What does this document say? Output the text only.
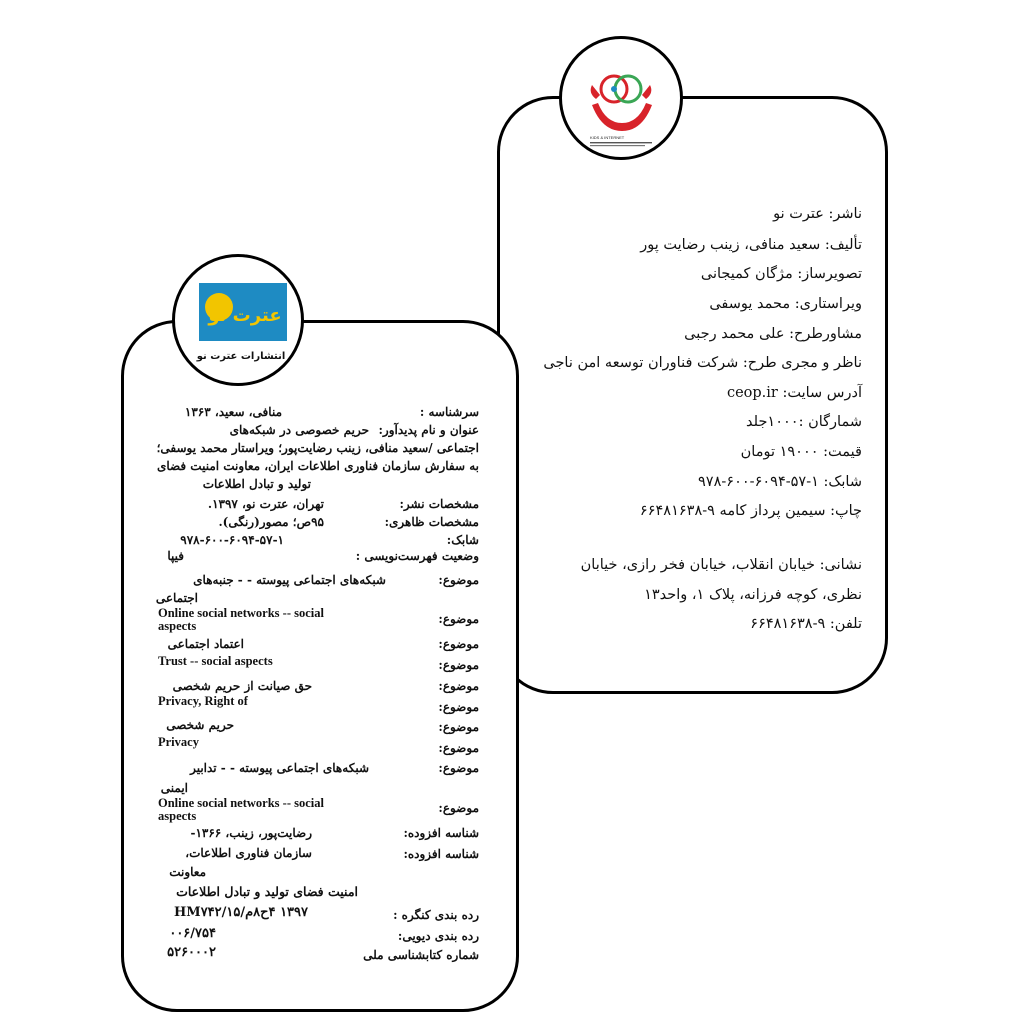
KIDS & INTERNET
ناشر: عترت نو
تألیف: سعید منافی، زینب رضایت پور
تصویرساز: مژگان کمیجانی
ویراستاری: محمد یوسفی
مشاورطرح: علی محمد رجبی
ناظر و مجری طرح: شرکت فناوران توسعه امن ناجی
آدرس سایت: ceop.ir
شمارگان :۱۰۰۰جلد
قیمت: ۱۹۰۰۰ تومان
شابک: ۱-۵۷-۶۰۹۴-۶۰۰-۹۷۸
چاپ: سیمین پرداز کامه ۹-۶۶۴۸۱۶۳۸
نشانی: خیابان انقلاب، خیابان فخر رازی، خیابان
نظری، کوچه فرزانه، پلاک ۱، واحد۱۳
تلفن: ۹-۶۶۴۸۱۶۳۸
عترت نو
انتشارات عترت نو
سرشناسه :
منافی، سعید، ۱۳۶۳
عنوان و نام پدیدآور:
حریم خصوصی در شبکه‌های
اجتماعی /سعید منافی، زینب رضایت‌پور؛ ویراستار محمد یوسفی؛
به سفارش سازمان فناوری اطلاعات ایران، معاونت امنیت فضای
تولید و تبادل اطلاعات
مشخصات نشر:
تهران، عترت نو، ۱۳۹۷.
مشخصات ظاهری:
۹۵ص؛ مصور(رنگی).
شابک:
۹۷۸-۶۰۰-۶۰۹۴-۵۷-۱
وضعیت فهرست‌نویسی :
فیپا
موضوع:
شبکه‌های اجتماعی پیوسته - - جنبه‌های
اجتماعی
موضوع:
Online social networks -- social aspects
موضوع:
اعتماد اجتماعی
موضوع:
Trust -- social aspects
موضوع:
حق صیانت از حریم شخصی
موضوع:
Privacy, Right of
موضوع:
حریم شخصی
موضوع:
Privacy
موضوع:
شبکه‌های اجتماعی پیوسته - - تدابیر
ایمنی
موضوع:
Online social networks -- social aspects
شناسه افزوده:
رضایت‌پور، زینب، ۱۳۶۶-
شناسه افزوده:
سازمان فناوری اطلاعات،
معاونت
امنیت فضای تولید و تبادل اطلاعات
رده بندی کنگره :
۱۳۹۷ ۴ح۸م/۱۵/HM۷۴۲
رده بندی دیویی:
۰۰۶/۷۵۴
شماره کتابشناسی ملی
۵۲۶۰۰۰۲
